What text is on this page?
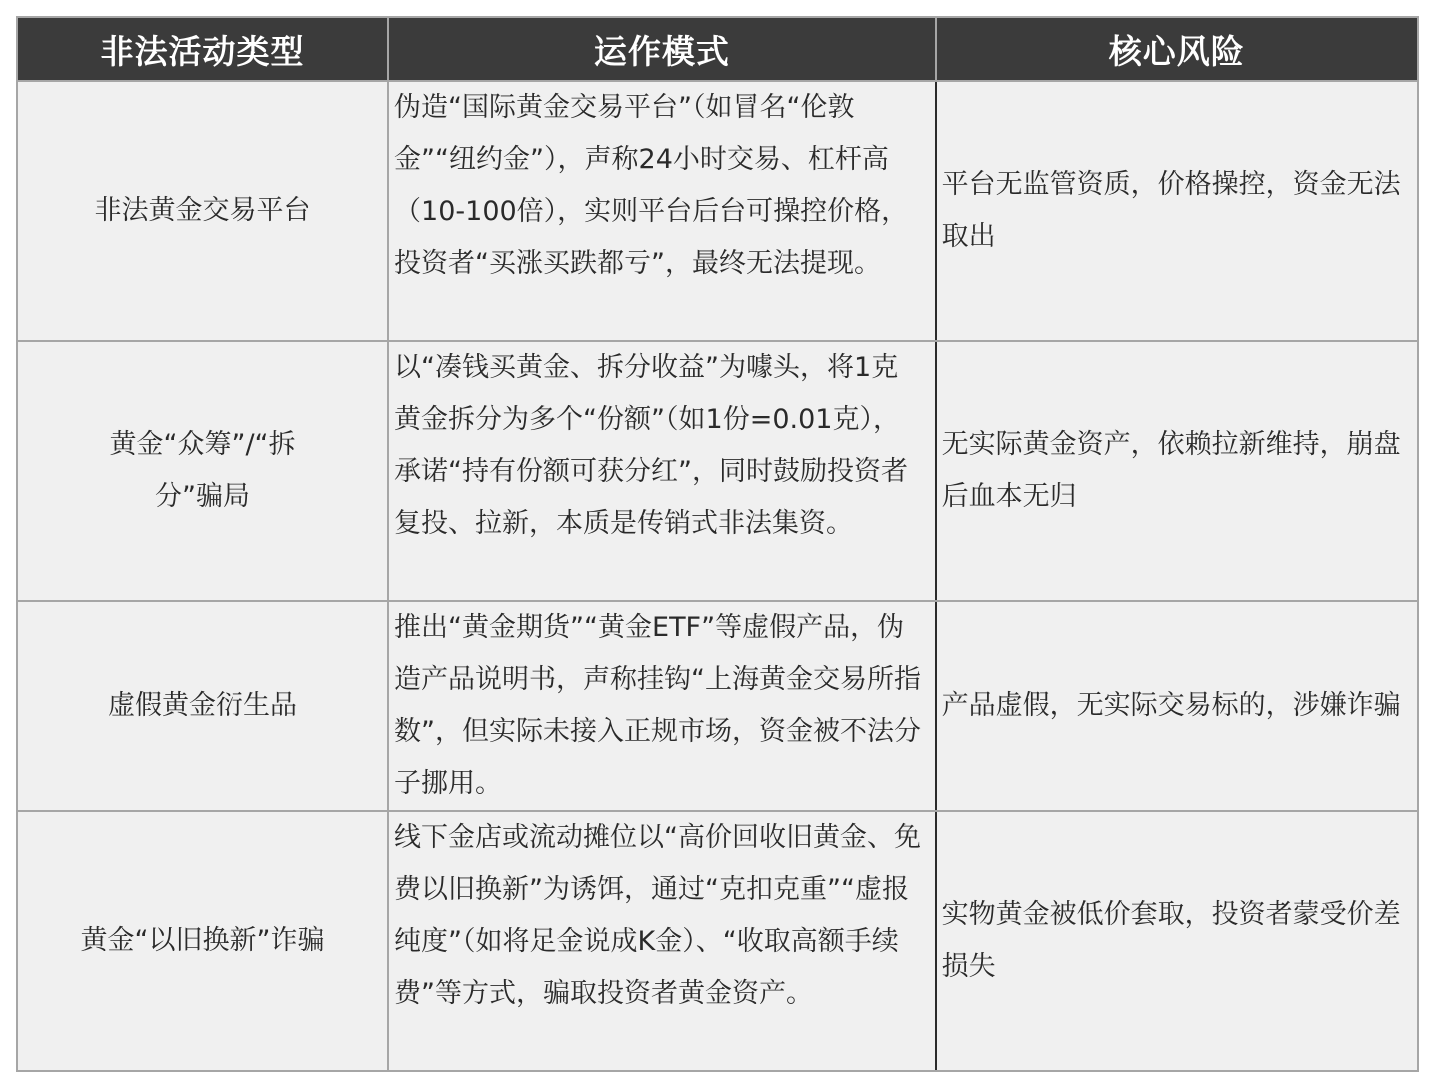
非法活动类型	运作模式	核心风险
非法黄金交易平台	伪造“国际黄金交易平台”（如冒名“伦敦金”“纽约金”），声称24小时交易、杠杆高（10-100倍），实则平台后台可操控价格，投资者“买涨买跌都亏”，最终无法提现。	平台无监管资质，价格操控，资金无法取出
黄金“众筹”/“拆分”骗局	以“凑钱买黄金、拆分收益”为噱头，将1克黄金拆分为多个“份额”（如1份=0.01克），承诺“持有份额可获分红”，同时鼓励投资者复投、拉新，本质是传销式非法集资。	无实际黄金资产，依赖拉新维持，崩盘后血本无归
虚假黄金衍生品	推出“黄金期货”“黄金ETF”等虚假产品，伪造产品说明书，声称挂钩“上海黄金交易所指数”，但实际未接入正规市场，资金被不法分子挪用。	产品虚假，无实际交易标的，涉嫌诈骗
黄金“以旧换新”诈骗	线下金店或流动摊位以“高价回收旧黄金、免费以旧换新”为诱饵，通过“克扣克重”“虚报纯度”（如将足金说成K金）、“收取高额手续费”等方式，骗取投资者黄金资产。	实物黄金被低价套取，投资者蒙受价差损失
